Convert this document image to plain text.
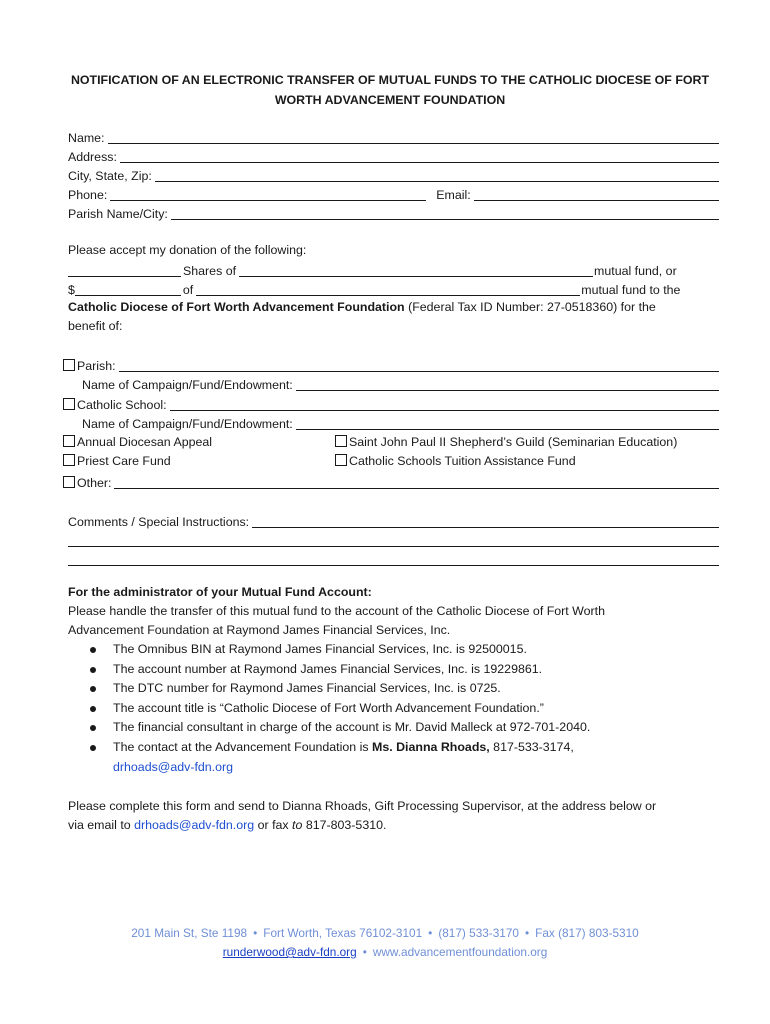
NOTIFICATION OF AN ELECTRONIC TRANSFER OF MUTUAL FUNDS TO THE CATHOLIC DIOCESE OF FORT WORTH ADVANCEMENT FOUNDATION
Name:
Address:
City, State, Zip:
Phone:	Email:
Parish Name/City:
Please accept my donation of the following:
Shares of	mutual fund, or
$	of	mutual fund to the
Catholic Diocese of Fort Worth Advancement Foundation (Federal Tax ID Number: 27-0518360) for the
benefit of:
Parish:
Name of Campaign/Fund/Endowment:
Catholic School:
Name of Campaign/Fund/Endowment:
Annual Diocesan Appeal	Saint John Paul II Shepherd’s Guild (Seminarian Education)
Priest Care Fund	Catholic Schools Tuition Assistance Fund
Other:
Comments / Special Instructions:
For the administrator of your Mutual Fund Account:
Please handle the transfer of this mutual fund to the account of the Catholic Diocese of Fort Worth
Advancement Foundation at Raymond James Financial Services, Inc.
The Omnibus BIN at Raymond James Financial Services, Inc. is 92500015.
The account number at Raymond James Financial Services, Inc. is 19229861.
The DTC number for Raymond James Financial Services, Inc. is 0725.
The account title is “Catholic Diocese of Fort Worth Advancement Foundation.”
The financial consultant in charge of the account is Mr. David Malleck at 972-701-2040.
The contact at the Advancement Foundation is Ms. Dianna Rhoads, 817-533-3174,
drhoads@adv-fdn.org
Please complete this form and send to Dianna Rhoads, Gift Processing Supervisor, at the address below or
via email to drhoads@adv-fdn.org or fax to 817-803-5310.
201 Main St, Ste 1198 • Fort Worth, Texas 76102-3101 • (817) 533-3170 • Fax (817) 803-5310
runderwood@adv-fdn.org • www.advancementfoundation.org
